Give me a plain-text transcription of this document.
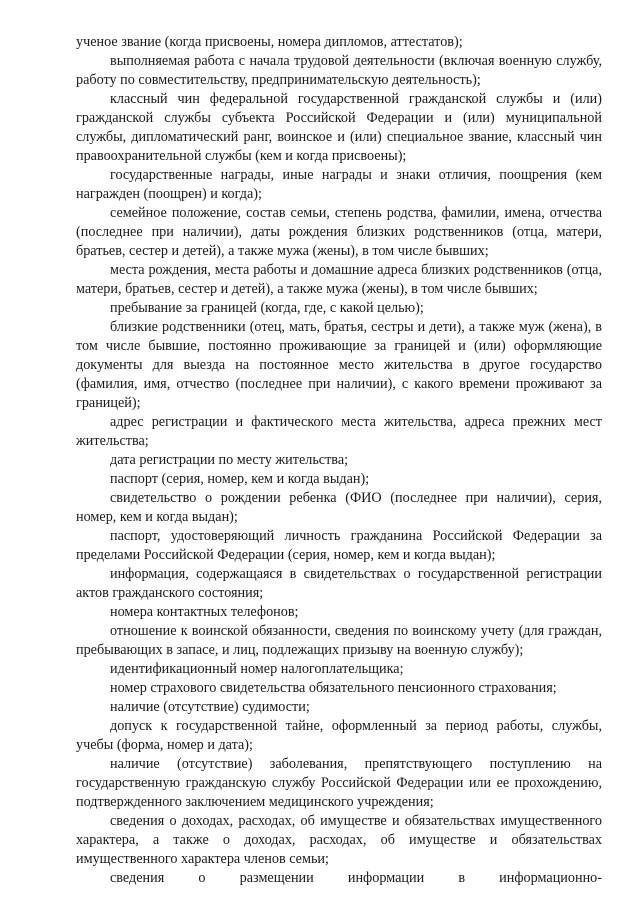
ученое звание (когда присвоены, номера дипломов, аттестатов);

выполняемая работа с начала трудовой деятельности (включая военную службу, работу по совместительству, предпринимательскую деятельность);

классный чин федеральной государственной гражданской службы и (или) гражданской службы субъекта Российской Федерации и (или) муниципальной службы, дипломатический ранг, воинское и (или) специальное звание, классный чин правоохранительной службы (кем и когда присвоены);

государственные награды, иные награды и знаки отличия, поощрения (кем награжден (поощрен) и когда);

семейное положение, состав семьи, степень родства, фамилии, имена, отчества (последнее при наличии), даты рождения близких родственников (отца, матери, братьев, сестер и детей), а также мужа (жены), в том числе бывших;

места рождения, места работы и домашние адреса близких родственников (отца, матери, братьев, сестер и детей), а также мужа (жены), в том числе бывших;

пребывание за границей (когда, где, с какой целью);

близкие родственники (отец, мать, братья, сестры и дети), а также муж (жена), в том числе бывшие, постоянно проживающие за границей и (или) оформляющие документы для выезда на постоянное место жительства в другое государство (фамилия, имя, отчество (последнее при наличии), с какого времени проживают за границей);

адрес регистрации и фактического места жительства, адреса прежних мест жительства;

дата регистрации по месту жительства;

паспорт (серия, номер, кем и когда выдан);

свидетельство о рождении ребенка (ФИО (последнее при наличии), серия, номер, кем и когда выдан);

паспорт, удостоверяющий личность гражданина Российской Федерации за пределами Российской Федерации (серия, номер, кем и когда выдан);

информация, содержащаяся в свидетельствах о государственной регистрации актов гражданского состояния;

номера контактных телефонов;

отношение к воинской обязанности, сведения по воинскому учету (для граждан, пребывающих в запасе, и лиц, подлежащих призыву на военную службу);

идентификационный номер налогоплательщика;

номер страхового свидетельства обязательного пенсионного страхования;

наличие (отсутствие) судимости;

допуск к государственной тайне, оформленный за период работы, службы, учебы (форма, номер и дата);

наличие (отсутствие) заболевания, препятствующего поступлению на государственную гражданскую службу Российской Федерации или ее прохождению, подтвержденного заключением медицинского учреждения;

сведения о доходах, расходах, об имуществе и обязательствах имущественного характера, а также о доходах, расходах, об имуществе и обязательствах имущественного характера членов семьи;

сведения о размещении информации в информационно-
